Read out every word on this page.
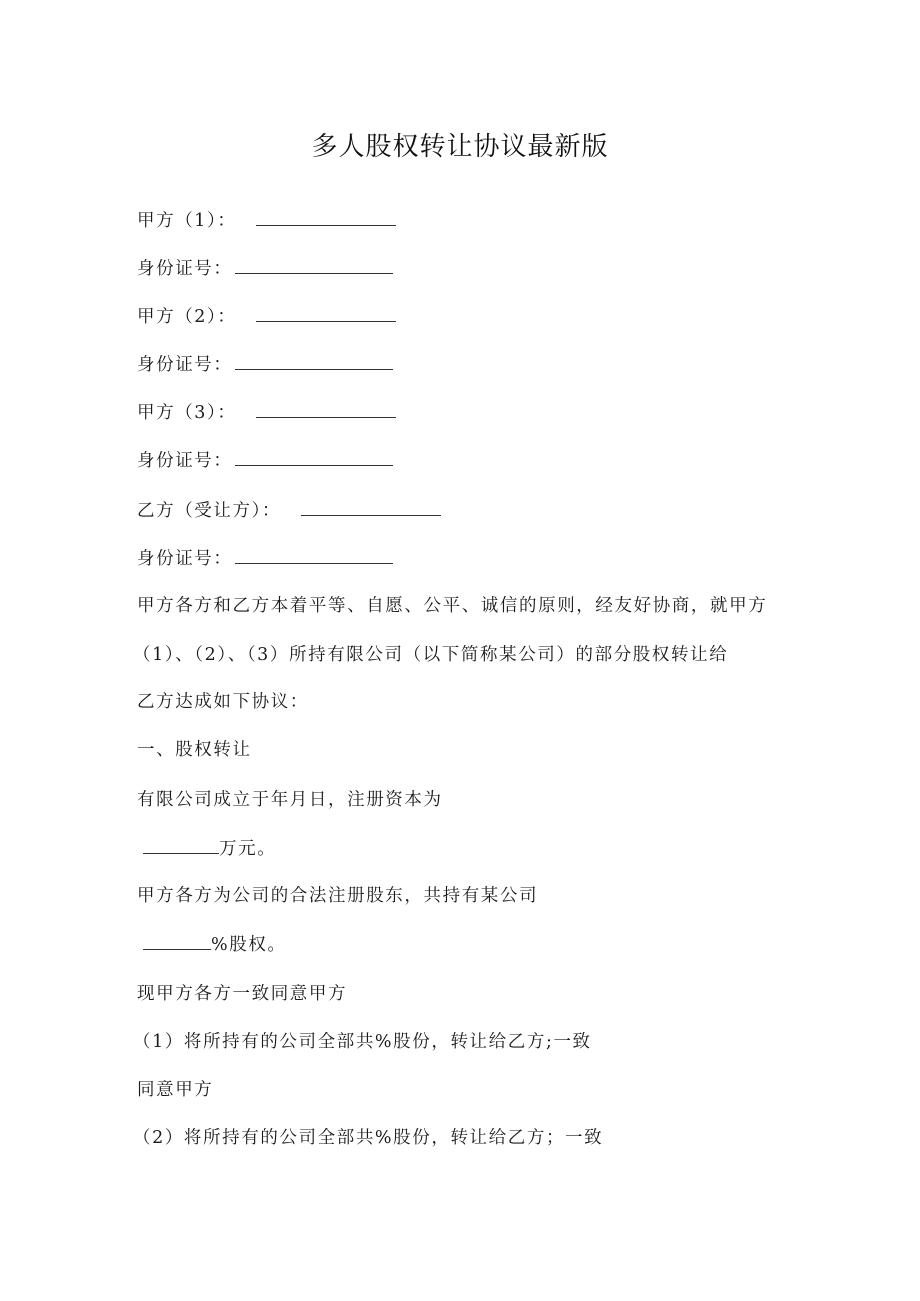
多人股权转让协议最新版
甲方（1）：
身份证号：
甲方（2）：
身份证号：
甲方（3）：
身份证号：
乙方（受让方）：
身份证号：
甲方各方和乙方本着平等、自愿、公平、诚信的原则，经友好协商，就甲方
（1）、（2）、（3）所持有限公司（以下简称某公司）的部分股权转让给
乙方达成如下协议：
一、股权转让
有限公司成立于年月日，注册资本为
万元。
甲方各方为公司的合法注册股东，共持有某公司
%股权。
现甲方各方一致同意甲方
（1）将所持有的公司全部共%股份，转让给乙方;一致
同意甲方
（2）将所持有的公司全部共%股份，转让给乙方；一致
